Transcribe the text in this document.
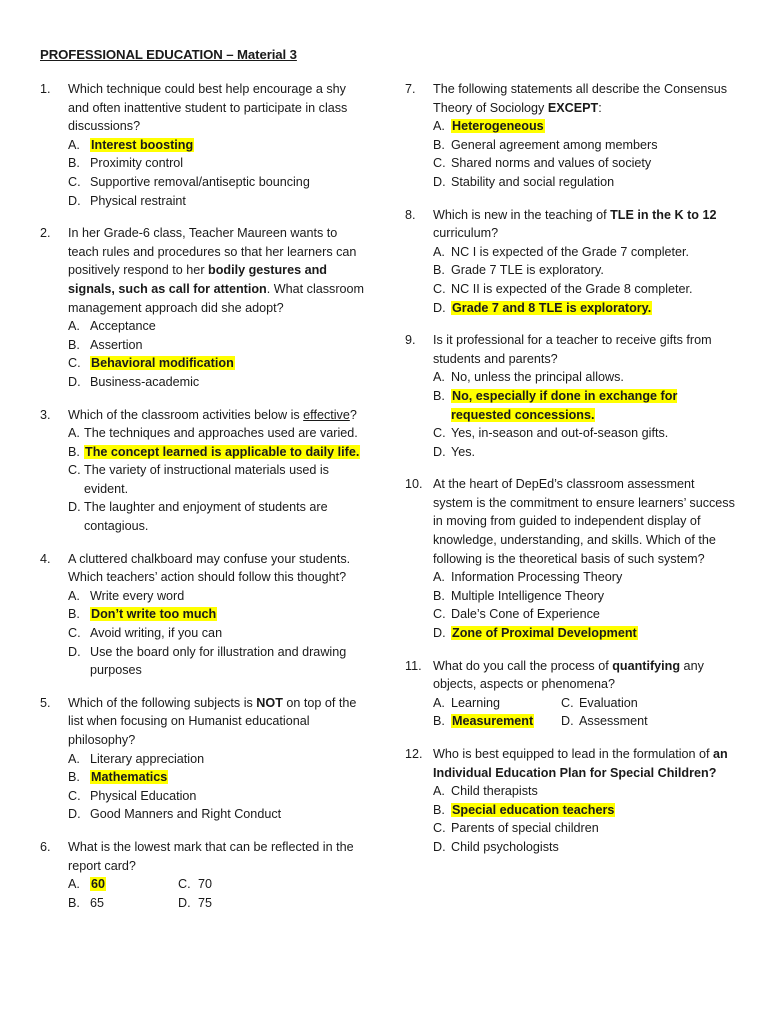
PROFESSIONAL EDUCATION – Material 3
1. Which technique could best help encourage a shy and often inattentive student to participate in class discussions?
A. Interest boosting
B. Proximity control
C. Supportive removal/antiseptic bouncing
D. Physical restraint
2. In her Grade-6 class, Teacher Maureen wants to teach rules and procedures so that her learners can positively respond to her bodily gestures and signals, such as call for attention. What classroom management approach did she adopt?
A. Acceptance
B. Assertion
C. Behavioral modification
D. Business-academic
3. Which of the classroom activities below is effective?
A. The techniques and approaches used are varied.
B. The concept learned is applicable to daily life.
C. The variety of instructional materials used is evident.
D. The laughter and enjoyment of students are contagious.
4. A cluttered chalkboard may confuse your students. Which teachers’ action should follow this thought?
A. Write every word
B. Don’t write too much
C. Avoid writing, if you can
D. Use the board only for illustration and drawing purposes
5. Which of the following subjects is NOT on top of the list when focusing on Humanist educational philosophy?
A. Literary appreciation
B. Mathematics
C. Physical Education
D. Good Manners and Right Conduct
6. What is the lowest mark that can be reflected in the report card?
A. 60	C. 70
B. 65	D. 75
7. The following statements all describe the Consensus Theory of Sociology EXCEPT:
A. Heterogeneous
B. General agreement among members
C. Shared norms and values of society
D. Stability and social regulation
8. Which is new in the teaching of TLE in the K to 12 curriculum?
A. NC I is expected of the Grade 7 completer.
B. Grade 7 TLE is exploratory.
C. NC II is expected of the Grade 8 completer.
D. Grade 7 and 8 TLE is exploratory.
9. Is it professional for a teacher to receive gifts from students and parents?
A. No, unless the principal allows.
B. No, especially if done in exchange for requested concessions.
C. Yes, in-season and out-of-season gifts.
D. Yes.
10. At the heart of DepEd’s classroom assessment system is the commitment to ensure learners’ success in moving from guided to independent display of knowledge, understanding, and skills. Which of the following is the theoretical basis of such system?
A. Information Processing Theory
B. Multiple Intelligence Theory
C. Dale’s Cone of Experience
D. Zone of Proximal Development
11. What do you call the process of quantifying any objects, aspects or phenomena?
A. Learning	C. Evaluation
B. Measurement	D. Assessment
12. Who is best equipped to lead in the formulation of an Individual Education Plan for Special Children?
A. Child therapists
B. Special education teachers
C. Parents of special children
D. Child psychologists
